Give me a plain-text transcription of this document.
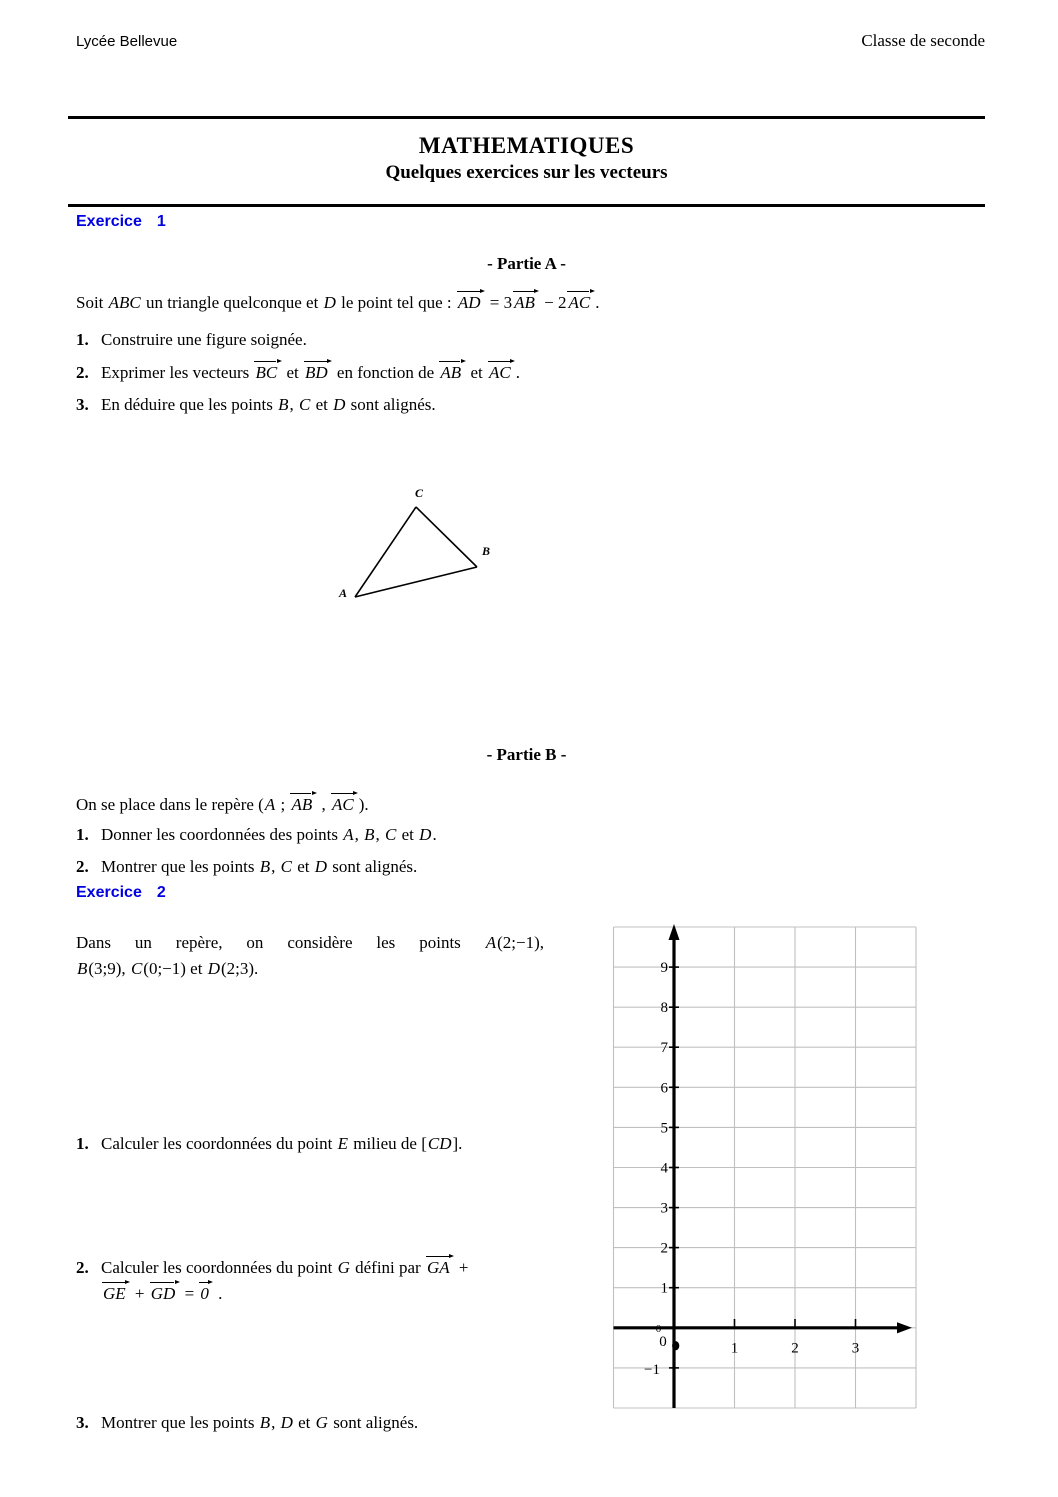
Lycée Bellevue	Classe de seconde
MATHEMATIQUES
Quelques exercices sur les vecteurs
Exercice 1
- Partie A -
Soit ABC un triangle quelconque et D le point tel que : AD = 3 AB − 2 AC .
1. Construire une figure soignée.
2. Exprimer les vecteurs BC et BD en fonction de AB et AC .
3. En déduire que les points B, C et D sont alignés.
A
B
C
- Partie B -
On se place dans le repère (A ; AB , AC ).
1. Donner les coordonnées des points A, B, C et D.
2. Montrer que les points B, C et D sont alignés.
Exercice 2
Dans un repère, on considère les points A(2;−1),
B(3;9), C(0;−1) et D(2;3).
1. Calculer les coordonnées du point E milieu de [CD].
2. Calculer les coordonnées du point G défini par GA +
GE + GD = 0 .
3. Montrer que les points B, D et G sont alignés.
9
8
7
6
5
4
3
2
1
0
0
−1
1	2	3
